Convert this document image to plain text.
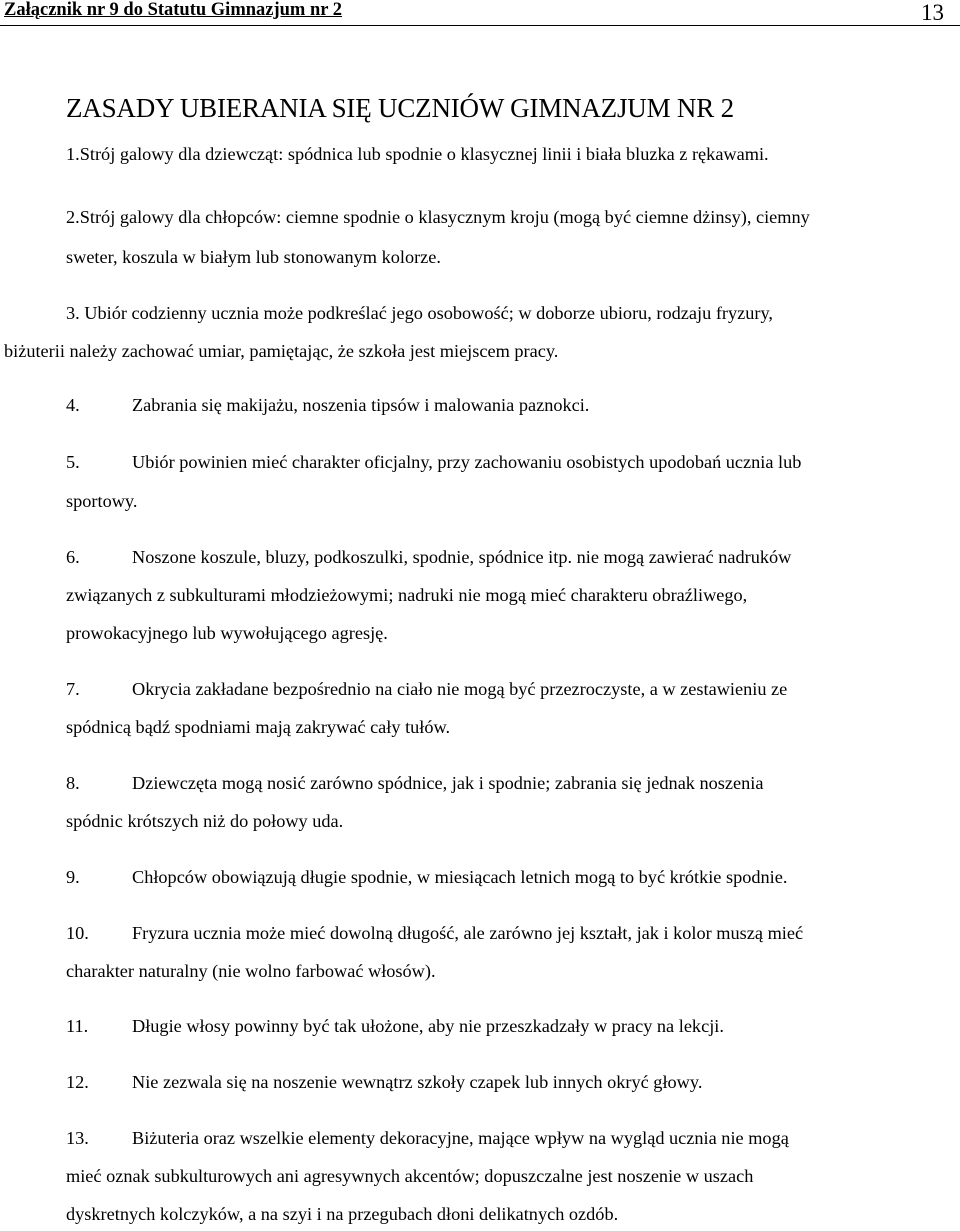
Załącznik nr 9 do Statutu Gimnazjum nr 2	13
ZASADY UBIERANIA SIĘ UCZNIÓW GIMNAZJUM NR 2
1.Strój galowy dla dziewcząt: spódnica lub spodnie o klasycznej linii i biała bluzka z rękawami.
2.Strój galowy dla chłopców: ciemne spodnie o klasycznym kroju (mogą być ciemne dżinsy), ciemny
sweter, koszula w białym lub stonowanym kolorze.
3. Ubiór codzienny ucznia może podkreślać jego osobowość; w doborze ubioru, rodzaju fryzury,
biżuterii należy zachować umiar, pamiętając, że szkoła jest miejscem pracy.
4.	Zabrania się makijażu, noszenia tipsów i malowania paznokci.
5.	Ubiór powinien mieć charakter oficjalny, przy zachowaniu osobistych upodobań ucznia lub
sportowy.
6.	Noszone koszule, bluzy, podkoszulki, spodnie, spódnice itp. nie mogą zawierać nadruków
związanych z subkulturami młodzieżowymi; nadruki nie mogą mieć charakteru obraźliwego,
prowokacyjnego lub wywołującego agresję.
7.	Okrycia zakładane bezpośrednio na ciało nie mogą być przezroczyste, a w zestawieniu ze
spódnicą bądź spodniami mają zakrywać cały tułów.
8.	Dziewczęta mogą nosić zarówno spódnice, jak i spodnie; zabrania się jednak noszenia
spódnic krótszych niż do połowy uda.
9.	Chłopców obowiązują długie spodnie, w miesiącach letnich mogą to być krótkie spodnie.
10. Fryzura ucznia może mieć dowolną długość, ale zarówno jej kształt, jak i kolor muszą mieć
charakter naturalny (nie wolno farbować włosów).
11. Długie włosy powinny być tak ułożone, aby nie przeszkadzały w pracy na lekcji.
12. Nie zezwala się na noszenie wewnątrz szkoły czapek lub innych okryć głowy.
13. Biżuteria oraz wszelkie elementy dekoracyjne, mające wpływ na wygląd ucznia nie mogą
mieć oznak subkulturowych ani agresywnych akcentów; dopuszczalne jest noszenie w uszach
dyskretnych kolczyków, a na szyi i na przegubach dłoni delikatnych ozdób.
